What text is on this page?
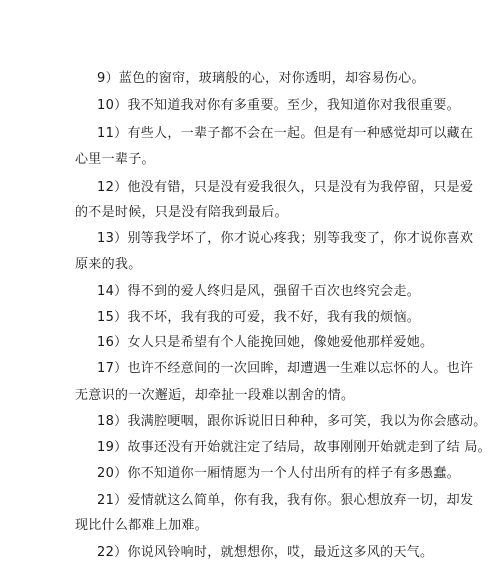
9）蓝色的窗帘，玻璃般的心，对你透明，却容易伤心。
10）我不知道我对你有多重要。至少，我知道你对我很重要。
11）有些人，一辈子都不会在一起。但是有一种感觉却可以藏在
心里一辈子。
12）他没有错，只是没有爱我很久，只是没有为我停留，只是爱
的不是时候，只是没有陪我到最后。
13）别等我学坏了，你才说心疼我；别等我变了，你才说你喜欢
原来的我。
14）得不到的爱人终归是风，强留千百次也终究会走。
15）我不坏，我有我的可爱，我不好，我有我的烦恼。
16）女人只是希望有个人能挽回她，像她爱他那样爱她。
17）也许不经意间的一次回眸，却遭遇一生难以忘怀的人。也许
无意识的一次邂逅，却牵扯一段难以割舍的情。
18）我满腔哽咽，跟你诉说旧日种种，多可笑，我以为你会感动。
19）故事还没有开始就注定了结局，故事刚刚开始就走到了结 局。
20）你不知道你一厢情愿为一个人付出所有的样子有多愚蠢。
21）爱情就这么简单，你有我，我有你。狠心想放弃一切，却发
现比什么都难上加难。
22）你说风铃响时，就想想你，哎，最近这多风的天气。
